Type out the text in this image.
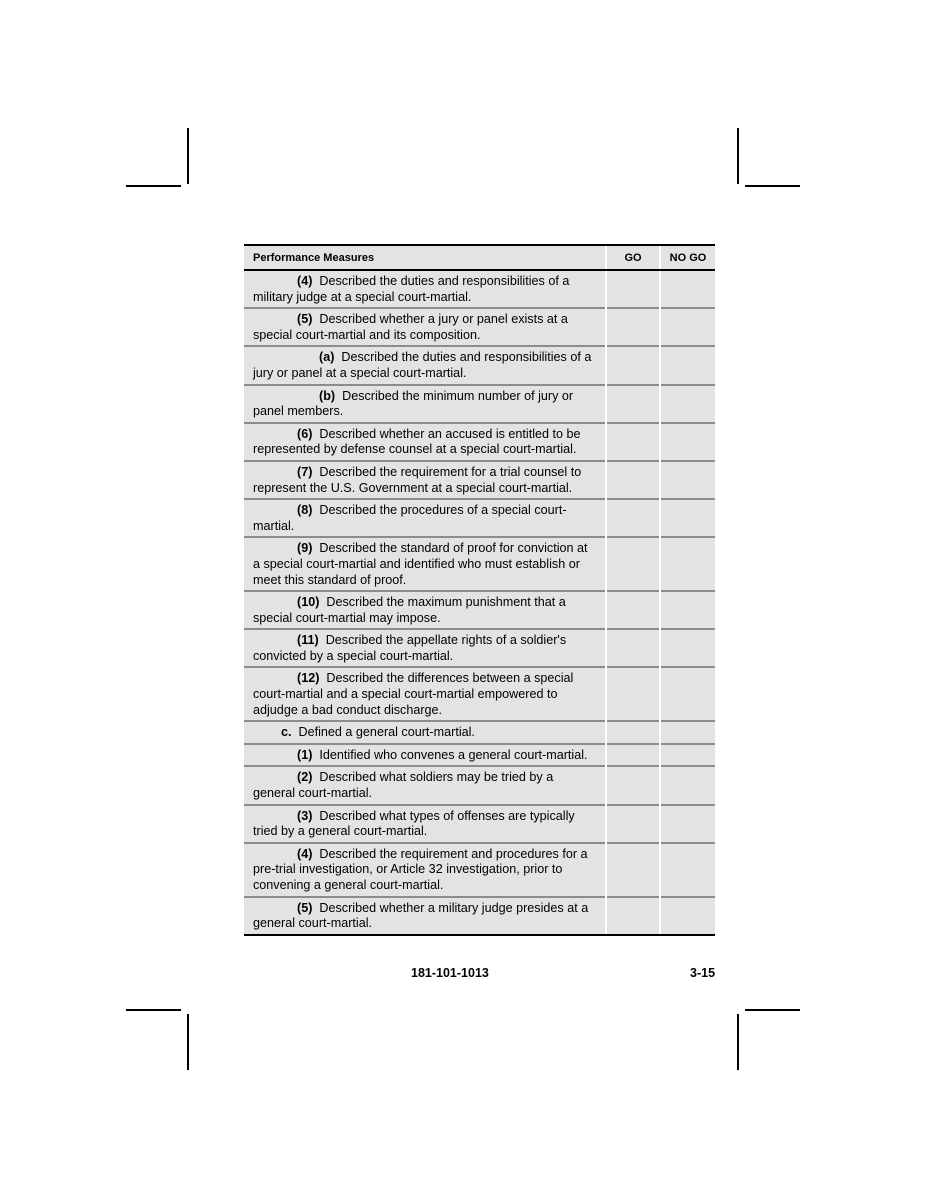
Performance Measures	GO	NO GO
(4) Described the duties and responsibilities of a military judge at a special court-martial.		
(5) Described whether a jury or panel exists at a special court-martial and its composition.		
(a) Described the duties and responsibilities of a jury or panel at a special court-martial.		
(b) Described the minimum number of jury or panel members.		
(6) Described whether an accused is entitled to be represented by defense counsel at a special court-martial.		
(7) Described the requirement for a trial counsel to represent the U.S. Government at a special court-martial.		
(8) Described the procedures of a special court-martial.		
(9) Described the standard of proof for conviction at a special court-martial and identified who must establish or meet this standard of proof.		
(10) Described the maximum punishment that a special court-martial may impose.		
(11) Described the appellate rights of a soldier's convicted by a special court-martial.		
(12) Described the differences between a special court-martial and a special court-martial empowered to adjudge a bad conduct discharge.		
c. Defined a general court-martial.		
(1) Identified who convenes a general court-martial.		
(2) Described what soldiers may be tried by a general court-martial.		
(3) Described what types of offenses are typically tried by a general court-martial.		
(4) Described the requirement and procedures for a pre-trial investigation, or Article 32 investigation, prior to convening a general court-martial.		
(5) Described whether a military judge presides at a general court-martial.		
181-101-1013	3-15
